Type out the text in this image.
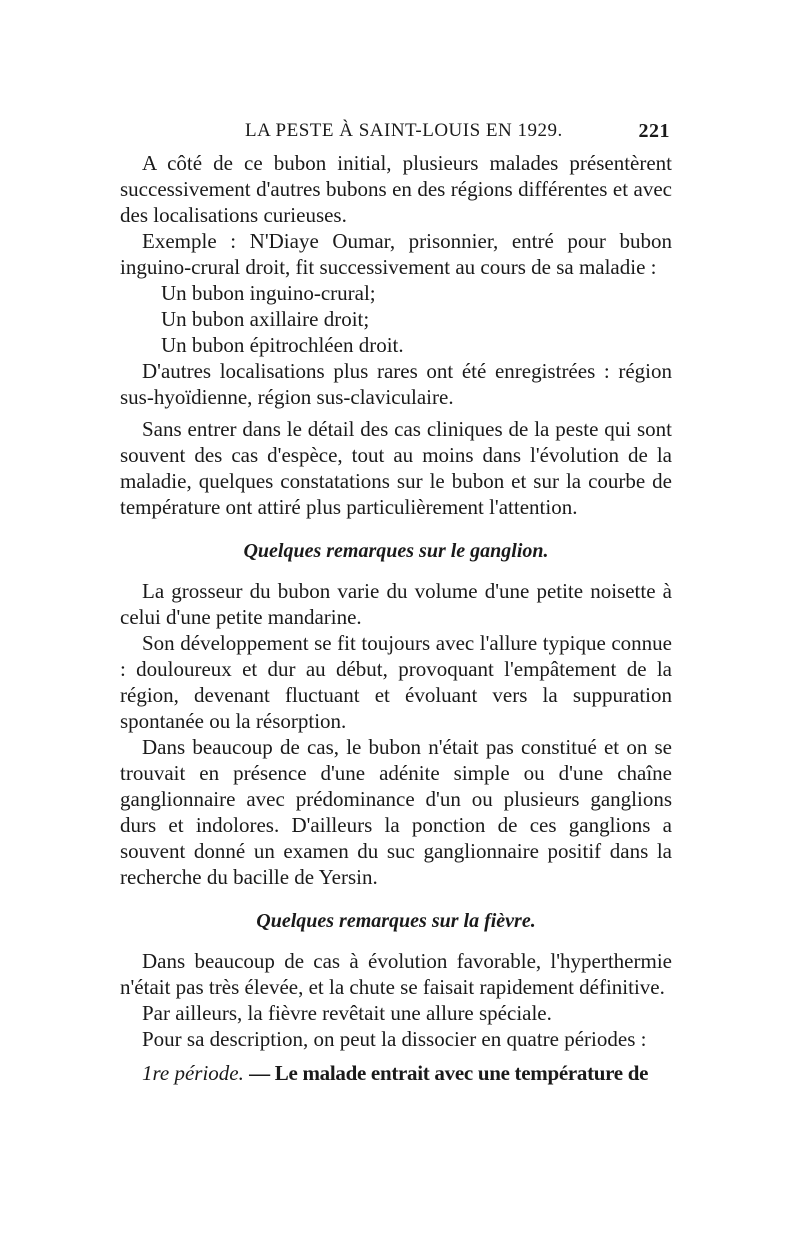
LA PESTE À SAINT-LOUIS EN 1929.	221

A côté de ce bubon initial, plusieurs malades présentèrent successivement d'autres bubons en des régions différentes et avec des localisations curieuses.

Exemple : N'Diaye Oumar, prisonnier, entré pour bubon inguino-crural droit, fit successivement au cours de sa maladie :

Un bubon inguino-crural;
Un bubon axillaire droit;
Un bubon épitrochléen droit.

D'autres localisations plus rares ont été enregistrées : région sus-hyoïdienne, région sus-claviculaire.

Sans entrer dans le détail des cas cliniques de la peste qui sont souvent des cas d'espèce, tout au moins dans l'évolution de la maladie, quelques constatations sur le bubon et sur la courbe de température ont attiré plus particulièrement l'attention.

Quelques remarques sur le ganglion.

La grosseur du bubon varie du volume d'une petite noisette à celui d'une petite mandarine.

Son développement se fit toujours avec l'allure typique connue : douloureux et dur au début, provoquant l'empâtement de la région, devenant fluctuant et évoluant vers la suppuration spontanée ou la résorption.

Dans beaucoup de cas, le bubon n'était pas constitué et on se trouvait en présence d'une adénite simple ou d'une chaîne ganglionnaire avec prédominance d'un ou plusieurs ganglions durs et indolores. D'ailleurs la ponction de ces ganglions a souvent donné un examen du suc ganglionnaire positif dans la recherche du bacille de Yersin.

Quelques remarques sur la fièvre.

Dans beaucoup de cas à évolution favorable, l'hyperthermie n'était pas très élevée, et la chute se faisait rapidement définitive.

Par ailleurs, la fièvre revêtait une allure spéciale.

Pour sa description, on peut la dissocier en quatre périodes :

1re période. — Le malade entrait avec une température de
